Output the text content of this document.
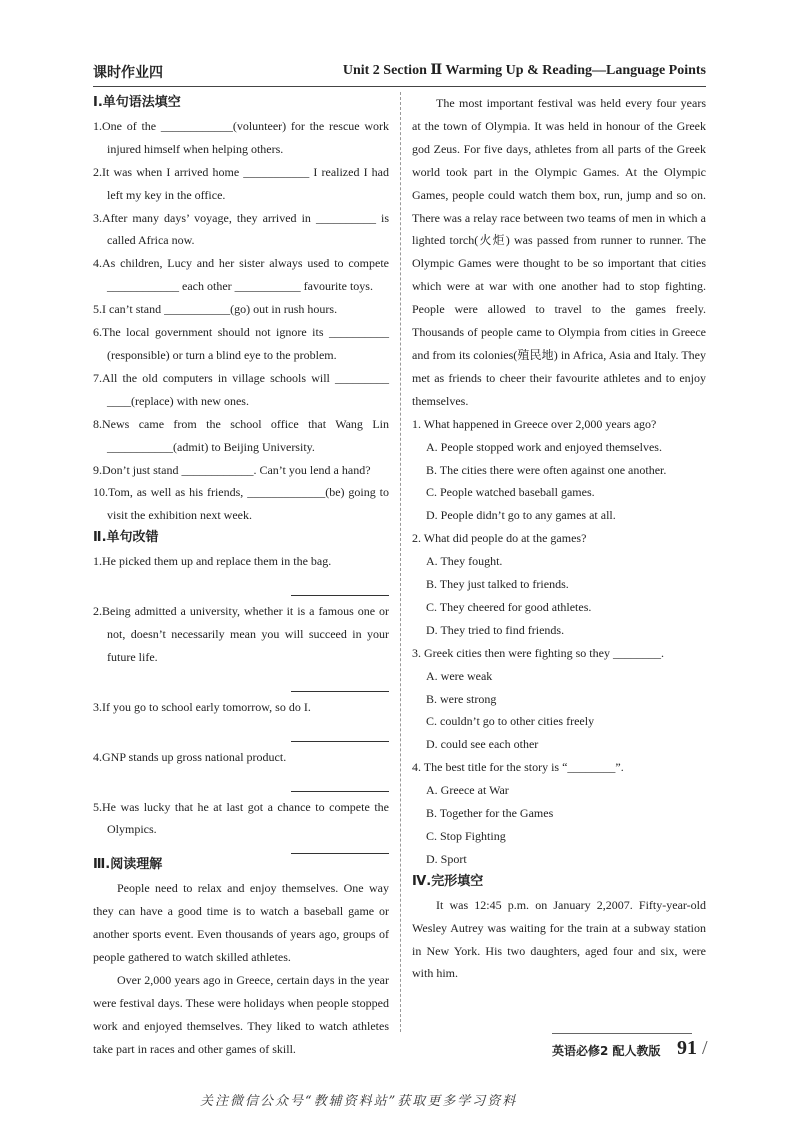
课时作业四	Unit 2 Section Ⅱ Warming Up & Reading—Language Points
Ⅰ.单句语法填空

1.One of the ____________(volunteer) for the rescue work injured himself when helping others.

2.It was when I arrived home ___________ I realized I had left my key in the office.

3.After many days’ voyage, they arrived in __________ is called Africa now.

4.As children, Lucy and her sister always used to compete ____________ each other ___________ favourite toys.

5.I can’t stand ___________(go) out in rush hours.

6.The local government should not ignore its __________ (responsible) or turn a blind eye to the problem.

7.All the old computers in village schools will _________ ____(replace) with new ones.

8.News came from the school office that Wang Lin ___________(admit) to Beijing University.

9.Don’t just stand ____________. Can’t you lend a hand?

10.Tom, as well as his friends, _____________(be) going to visit the exhibition next week.

Ⅱ.单句改错

1.He picked them up and replace them in the bag.

2.Being admitted a university, whether it is a famous one or not, doesn’t necessarily mean you will succeed in your future life.

3.If you go to school early tomorrow, so do I.

4.GNP stands up gross national product.

5.He was lucky that he at last got a chance to compete the Olympics.

Ⅲ.阅读理解

People need to relax and enjoy themselves. One way they can have a good time is to watch a baseball game or another sports event. Even thousands of years ago, groups of people gathered to watch skilled athletes.

Over 2,000 years ago in Greece, certain days in the year were festival days. These were holidays when people stopped work and enjoyed themselves. They liked to watch athletes take part in races and other games of skill.

The most important festival was held every four years at the town of Olympia. It was held in honour of the Greek god Zeus. For five days, athletes from all parts of the Greek world took part in the Olympic Games. At the Olympic Games, people could watch them box, run, jump and so on. There was a relay race between two teams of men in which a lighted torch(火炬) was passed from runner to runner. The Olympic Games were thought to be so important that cities which were at war with one another had to stop fighting. People were allowed to travel to the games freely. Thousands of people came to Olympia from cities in Greece and from its colonies(殖民地) in Africa, Asia and Italy. They met as friends to cheer their favourite athletes and to enjoy themselves.

1. What happened in Greece over 2,000 years ago?

A. People stopped work and enjoyed themselves.

B. The cities there were often against one another.

C. People watched baseball games.

D. People didn’t go to any games at all.

2. What did people do at the games?

A. They fought.

B. They just talked to friends.

C. They cheered for good athletes.

D. They tried to find friends.

3. Greek cities then were fighting so they ________.

A. were weak

B. were strong

C. couldn’t go to other cities freely

D. could see each other

4. The best title for the story is “________”.

A. Greece at War

B. Together for the Games

C. Stop Fighting

D. Sport

Ⅳ.完形填空

It was 12:45 p.m. on January 2,2007. Fifty-year-old Wesley Autrey was waiting for the train at a subway station in New York. His two daughters, aged four and six, were with him.

英语必修2 配人教版 91 /
关注微信公众号“教辅资料站”获取更多学习资料
